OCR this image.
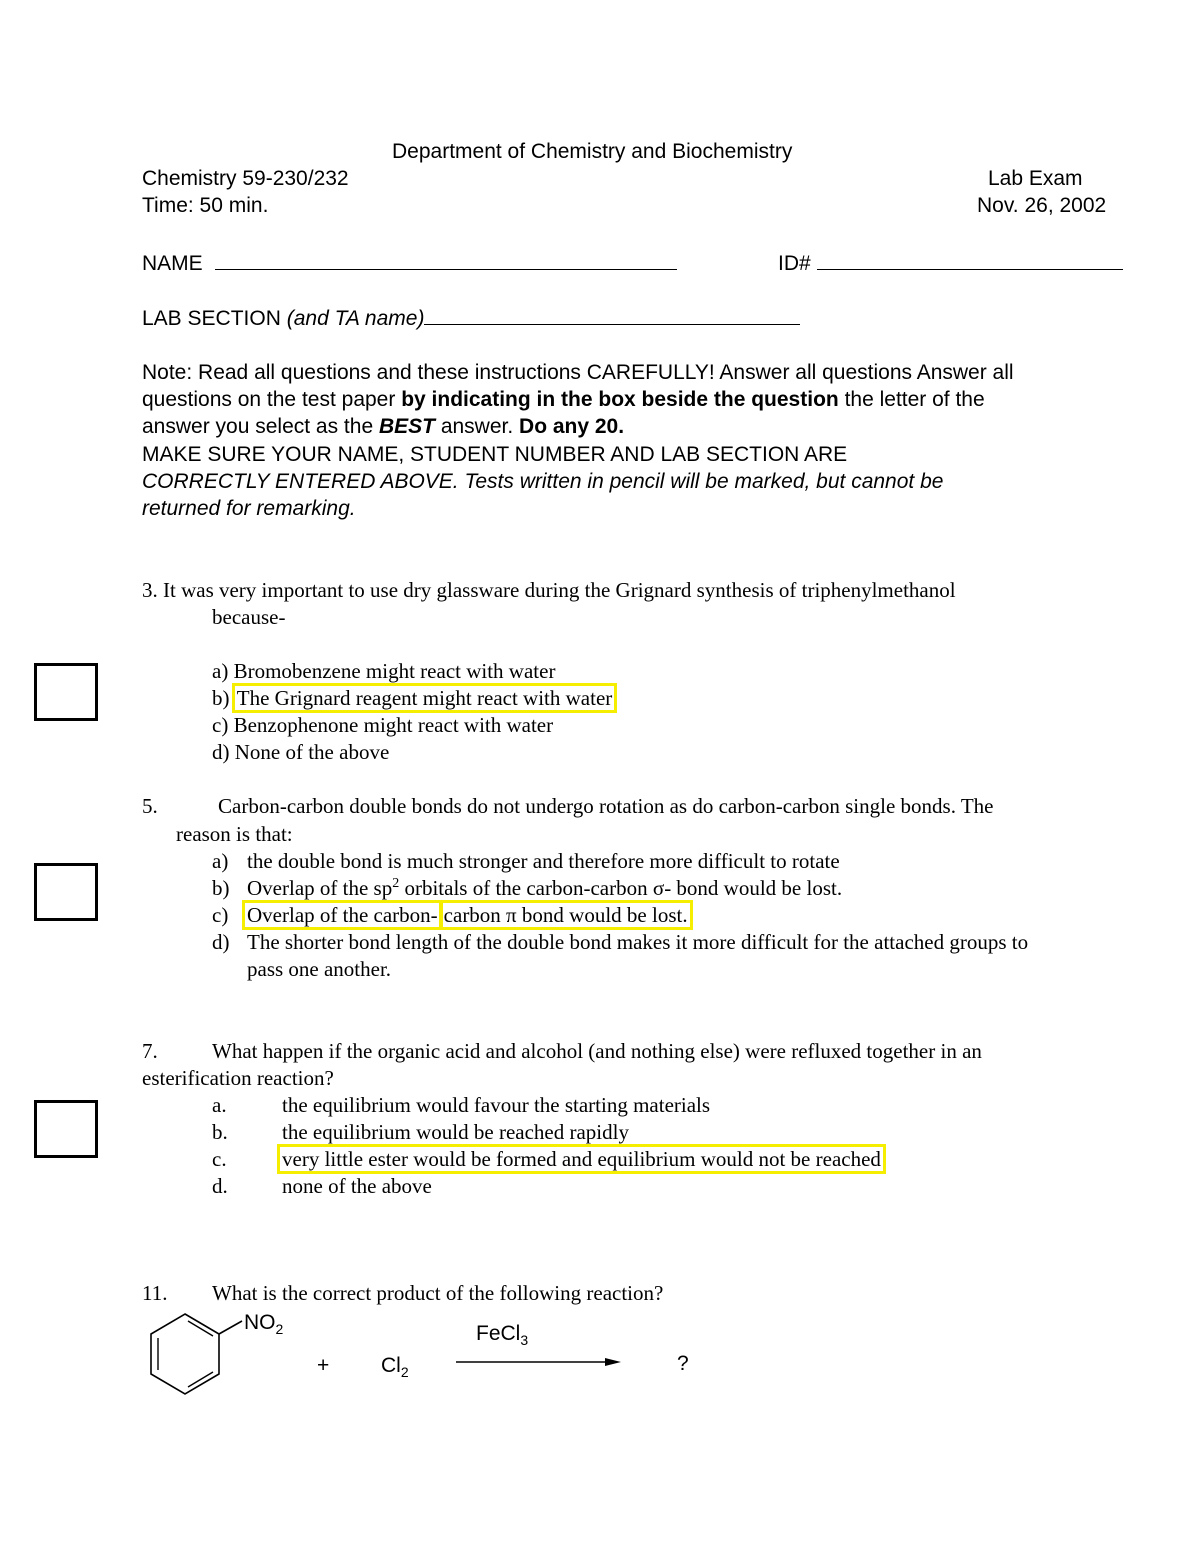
Department of Chemistry and Biochemistry
Chemistry 59-230/232	Lab Exam
Time: 50 min.	Nov. 26, 2002
NAME	ID#
LAB SECTION (and TA name)
Note: Read all questions and these instructions CAREFULLY! Answer all questions Answer all
questions on the test paper by indicating in the box beside the question the letter of the
answer you select as the BEST answer. Do any 20.
MAKE SURE YOUR NAME, STUDENT NUMBER AND LAB SECTION ARE
CORRECTLY ENTERED ABOVE. Tests written in pencil will be marked, but cannot be
returned for remarking.
3. It was very important to use dry glassware during the Grignard synthesis of triphenylmethanol
because-
a) Bromobenzene might react with water
b) The Grignard reagent might react with water
c) Benzophenone might react with water
d) None of the above
5.	Carbon-carbon double bonds do not undergo rotation as do carbon-carbon single bonds. The
reason is that:
a) the double bond is much stronger and therefore more difficult to rotate
b) Overlap of the $sp^2$ orbitals of the carbon-carbon σ- bond would be lost.
c) Overlap of the carbon- carbon π bond would be lost.
d) The shorter bond length of the double bond makes it more difficult for the attached groups to
pass one another.
7.	What happen if the organic acid and alcohol (and nothing else) were refluxed together in an
esterification reaction?
a.	the equilibrium would favour the starting materials
b.	the equilibrium would be reached rapidly
c.	very little ester would be formed and equilibrium would not be reached
d.	none of the above
11. What is the correct product of the following reaction?
$NO_2$
+ $Cl_2$
FeCl$_3$
?
